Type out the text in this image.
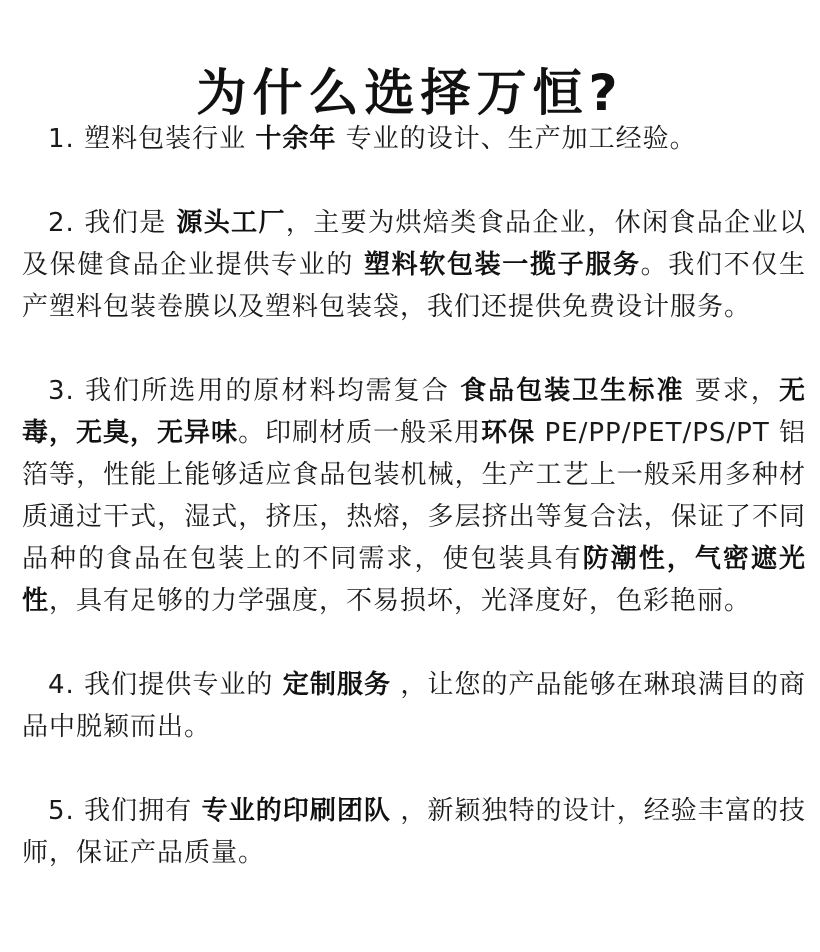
为什么选择万恒?

1. 塑料包装行业 十余年 专业的设计、生产加工经验。

2. 我们是 源头工厂，主要为烘焙类食品企业，休闲食品企业以及保健食品企业提供专业的 塑料软包装一揽子服务。我们不仅生产塑料包装卷膜以及塑料包装袋，我们还提供免费设计服务。

3. 我们所选用的原材料均需复合 食品包装卫生标准 要求，无毒，无臭，无异味。印刷材质一般采用环保 PE/PP/PET/PS/PT 铝箔等，性能上能够适应食品包装机械，生产工艺上一般采用多种材质通过干式，湿式，挤压，热熔，多层挤出等复合法，保证了不同品种的食品在包装上的不同需求，使包装具有防潮性，气密遮光性，具有足够的力学强度，不易损坏，光泽度好，色彩艳丽。

4. 我们提供专业的 定制服务 ，让您的产品能够在琳琅满目的商品中脱颖而出。

5. 我们拥有 专业的印刷团队 ，新颖独特的设计，经验丰富的技师，保证产品质量。
